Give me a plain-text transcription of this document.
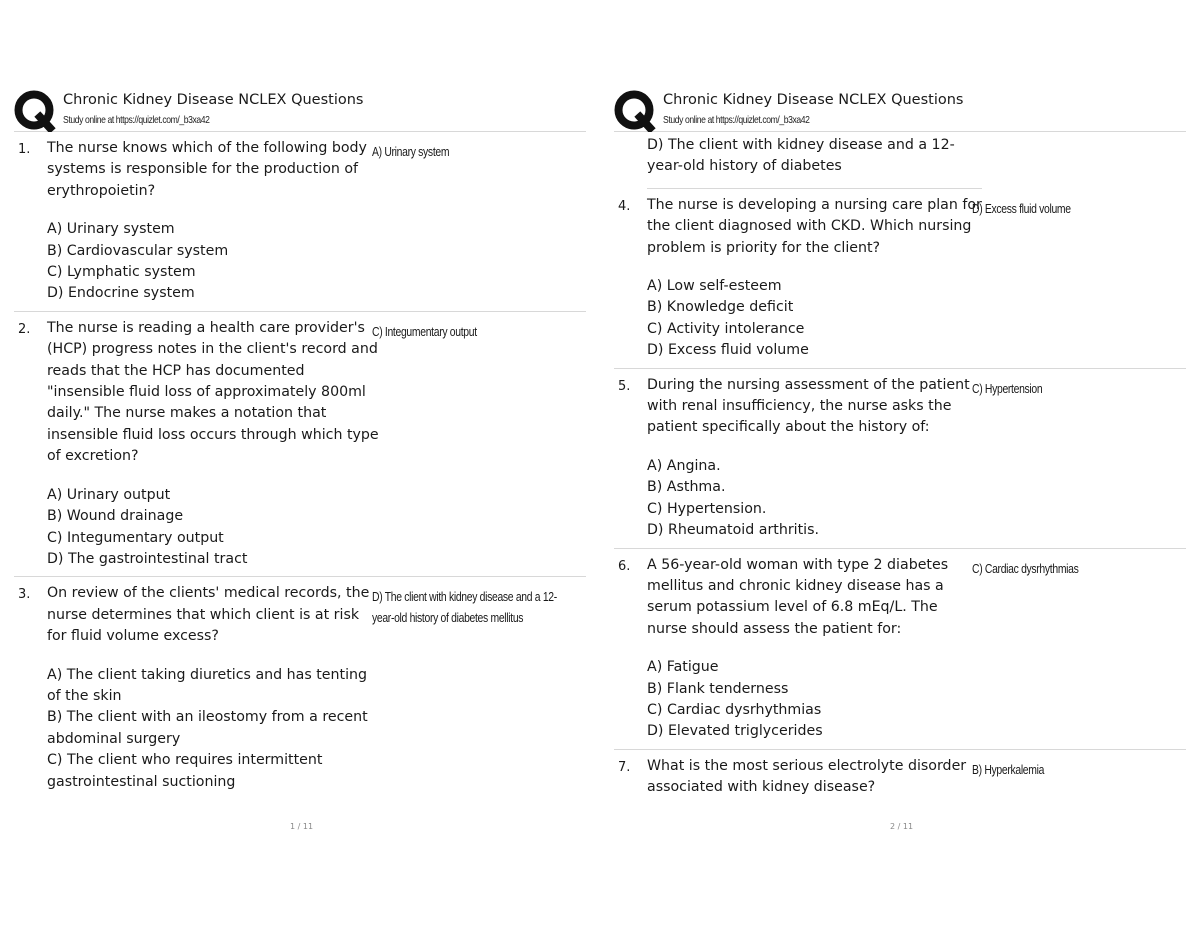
Chronic Kidney Disease NCLEX Questions
Study online at https://quizlet.com/_b3xa42
1. The nurse knows which of the following body systems is responsible for the production of erythropoietin?

A) Urinary system
B) Cardiovascular system
C) Lymphatic system
D) Endocrine system
A) Urinary system
2. The nurse is reading a health care provider's (HCP) progress notes in the client's record and reads that the HCP has documented "insensible fluid loss of approximately 800ml daily." The nurse makes a notation that insensible fluid loss occurs through which type of excretion?

A) Urinary output
B) Wound drainage
C) Integumentary output
D) The gastrointestinal tract
C) Integumentary output
3. On review of the clients' medical records, the nurse determines that which client is at risk for fluid volume excess?

A) The client taking diuretics and has tenting of the skin
B) The client with an ileostomy from a recent abdominal surgery
C) The client who requires intermittent gastrointestinal suctioning
D) The client with kidney disease and a 12-year-old history of diabetes mellitus
1 / 11
Chronic Kidney Disease NCLEX Questions
Study online at https://quizlet.com/_b3xa42
D) The client with kidney disease and a 12-year-old history of diabetes
4. The nurse is developing a nursing care plan for the client diagnosed with CKD. Which nursing problem is priority for the client?

A) Low self-esteem
B) Knowledge deficit
C) Activity intolerance
D) Excess fluid volume
D) Excess fluid volume
5. During the nursing assessment of the patient with renal insufficiency, the nurse asks the patient specifically about the history of:

A) Angina.
B) Asthma.
C) Hypertension.
D) Rheumatoid arthritis.
C) Hypertension
6. A 56-year-old woman with type 2 diabetes mellitus and chronic kidney disease has a serum potassium level of 6.8 mEq/L. The nurse should assess the patient for:

A) Fatigue
B) Flank tenderness
C) Cardiac dysrhythmias
D) Elevated triglycerides
C) Cardiac dysrhythmias
7. What is the most serious electrolyte disorder associated with kidney disease?

B) Hyperkalemia
2 / 11
